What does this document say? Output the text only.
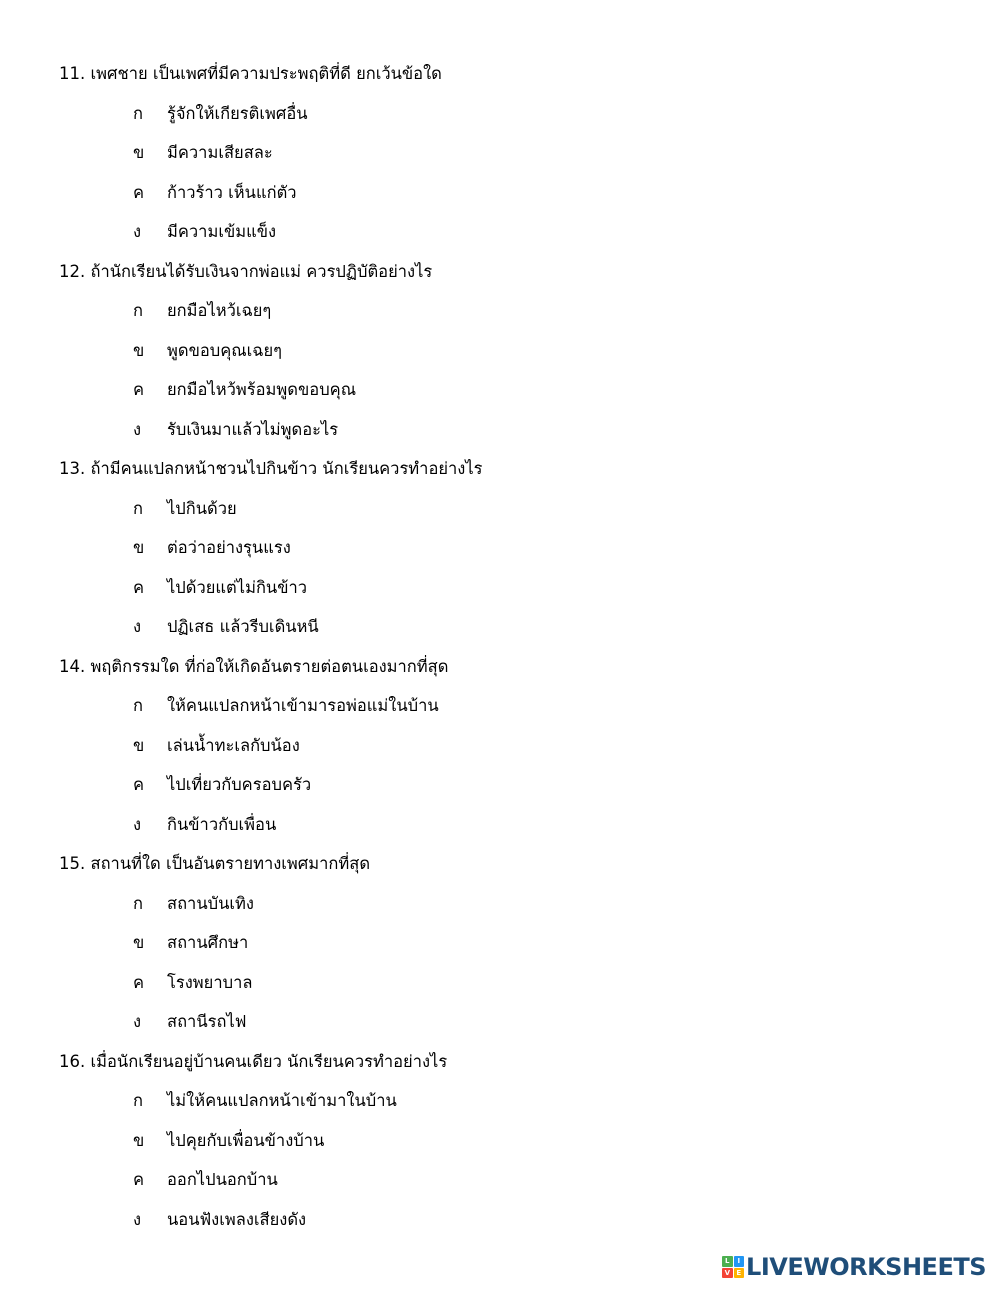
11. เพศชาย เป็นเพศที่มีความประพฤติที่ดี ยกเว้นข้อใด
ก รู้จักให้เกียรติเพศอื่น
ข มีความเสียสละ
ค ก้าวร้าว เห็นแก่ตัว
ง มีความเข้มแข็ง
12. ถ้านักเรียนได้รับเงินจากพ่อแม่ ควรปฏิบัติอย่างไร
ก ยกมือไหว้เฉยๆ
ข พูดขอบคุณเฉยๆ
ค ยกมือไหว้พร้อมพูดขอบคุณ
ง รับเงินมาแล้วไม่พูดอะไร
13. ถ้ามีคนแปลกหน้าชวนไปกินข้าว นักเรียนควรทำอย่างไร
ก ไปกินด้วย
ข ต่อว่าอย่างรุนแรง
ค ไปด้วยแต่ไม่กินข้าว
ง ปฏิเสธ แล้วรีบเดินหนี
14. พฤติกรรมใด ที่ก่อให้เกิดอันตรายต่อตนเองมากที่สุด
ก ให้คนแปลกหน้าเข้ามารอพ่อแม่ในบ้าน
ข เล่นน้ำทะเลกับน้อง
ค ไปเที่ยวกับครอบครัว
ง กินข้าวกับเพื่อน
15. สถานที่ใด เป็นอันตรายทางเพศมากที่สุด
ก สถานบันเทิง
ข สถานศึกษา
ค โรงพยาบาล
ง สถานีรถไฟ
16. เมื่อนักเรียนอยู่บ้านคนเดียว นักเรียนควรทำอย่างไร
ก ไม่ให้คนแปลกหน้าเข้ามาในบ้าน
ข ไปคุยกับเพื่อนข้างบ้าน
ค ออกไปนอกบ้าน
ง นอนฟังเพลงเสียงดัง
L	I
V E LIVEWORKSHEETS
